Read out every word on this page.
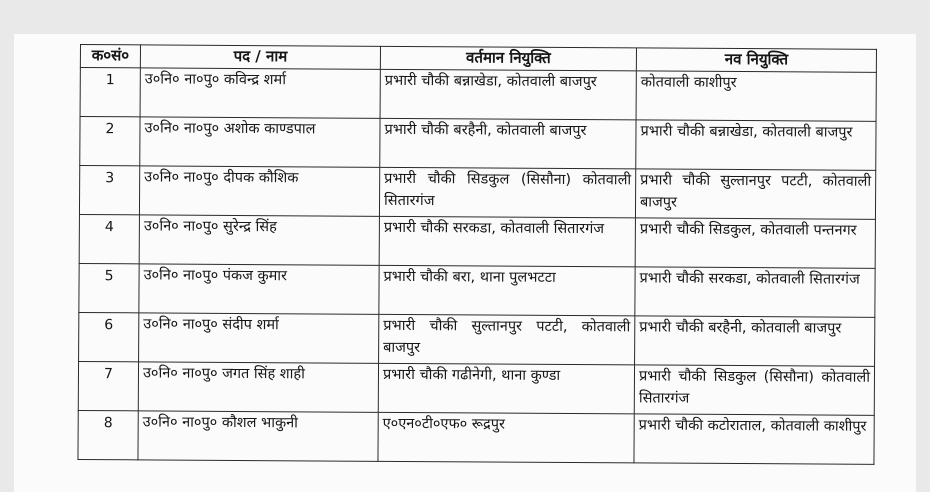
क०सं०	पद / नाम	वर्तमान नियुक्ति	नव नियुक्ति
1	उ०नि० ना०पु० कविन्द्र शर्मा	प्रभारी चौकी बन्नाखेडा, कोतवाली बाजपुर	कोतवाली काशीपुर
2	उ०नि० ना०पु० अशोक काण्डपाल	प्रभारी चौकी बरहैनी, कोतवाली बाजपुर	प्रभारी चौकी बन्नाखेडा, कोतवाली बाजपुर
3	उ०नि० ना०पु० दीपक कौशिक	प्रभारी चौकी सिडकुल (सिसौना) कोतवाली सितारगंज	प्रभारी चौकी सुल्तानपुर पटटी, कोतवाली बाजपुर
4	उ०नि० ना०पु० सुरेन्द्र सिंह	प्रभारी चौकी सरकडा, कोतवाली सितारगंज	प्रभारी चौकी सिडकुल, कोतवाली पन्तनगर
5	उ०नि० ना०पु० पंकज कुमार	प्रभारी चौकी बरा, थाना पुलभटटा	प्रभारी चौकी सरकडा, कोतवाली सितारगंज
6	उ०नि० ना०पु० संदीप शर्मा	प्रभारी चौकी सुल्तानपुर पटटी, कोतवाली बाजपुर	प्रभारी चौकी बरहैनी, कोतवाली बाजपुर
7	उ०नि० ना०पु० जगत सिंह शाही	प्रभारी चौकी गढीनेगी, थाना कुण्डा	प्रभारी चौकी सिडकुल (सिसौना) कोतवाली सितारगंज
8	उ०नि० ना०पु० कौशल भाकुनी	ए०एन०टी०एफ० रूद्रपुर	प्रभारी चौकी कटोराताल, कोतवाली काशीपुर
